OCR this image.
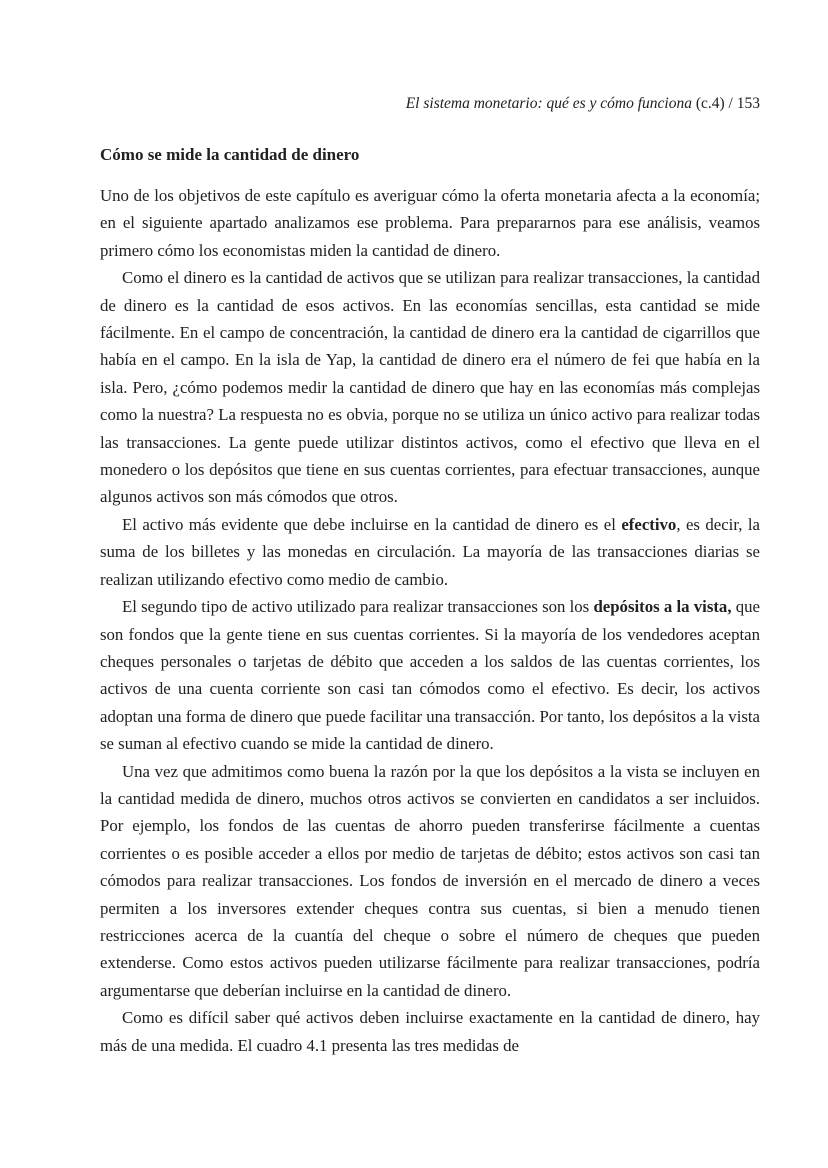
El sistema monetario: qué es y cómo funciona (c.4) / 153
Cómo se mide la cantidad de dinero

Uno de los objetivos de este capítulo es averiguar cómo la oferta monetaria afecta a la economía; en el siguiente apartado analizamos ese problema. Para prepararnos para ese análisis, veamos primero cómo los economistas miden la cantidad de dinero.

Como el dinero es la cantidad de activos que se utilizan para realizar transacciones, la cantidad de dinero es la cantidad de esos activos. En las economías sencillas, esta cantidad se mide fácilmente. En el campo de concentración, la cantidad de dinero era la cantidad de cigarrillos que había en el campo. En la isla de Yap, la cantidad de dinero era el número de fei que había en la isla. Pero, ¿cómo podemos medir la cantidad de dinero que hay en las economías más complejas como la nuestra? La respuesta no es obvia, porque no se utiliza un único activo para realizar todas las transacciones. La gente puede utilizar distintos activos, como el efectivo que lleva en el monedero o los depósitos que tiene en sus cuentas corrientes, para efectuar transacciones, aunque algunos activos son más cómodos que otros.

El activo más evidente que debe incluirse en la cantidad de dinero es el efectivo, es decir, la suma de los billetes y las monedas en circulación. La mayoría de las transacciones diarias se realizan utilizando efectivo como medio de cambio.

El segundo tipo de activo utilizado para realizar transacciones son los depósitos a la vista, que son fondos que la gente tiene en sus cuentas corrientes. Si la mayoría de los vendedores aceptan cheques personales o tarjetas de débito que acceden a los saldos de las cuentas corrientes, los activos de una cuenta corriente son casi tan cómodos como el efectivo. Es decir, los activos adoptan una forma de dinero que puede facilitar una transacción. Por tanto, los depósitos a la vista se suman al efectivo cuando se mide la cantidad de dinero.

Una vez que admitimos como buena la razón por la que los depósitos a la vista se incluyen en la cantidad medida de dinero, muchos otros activos se convierten en candidatos a ser incluidos. Por ejemplo, los fondos de las cuentas de ahorro pueden transferirse fácilmente a cuentas corrientes o es posible acceder a ellos por medio de tarjetas de débito; estos activos son casi tan cómodos para realizar transacciones. Los fondos de inversión en el mercado de dinero a veces permiten a los inversores extender cheques contra sus cuentas, si bien a menudo tienen restricciones acerca de la cuantía del cheque o sobre el número de cheques que pueden extenderse. Como estos activos pueden utilizarse fácilmente para realizar transacciones, podría argumentarse que deberían incluirse en la cantidad de dinero.

Como es difícil saber qué activos deben incluirse exactamente en la cantidad de dinero, hay más de una medida. El cuadro 4.1 presenta las tres medidas de
